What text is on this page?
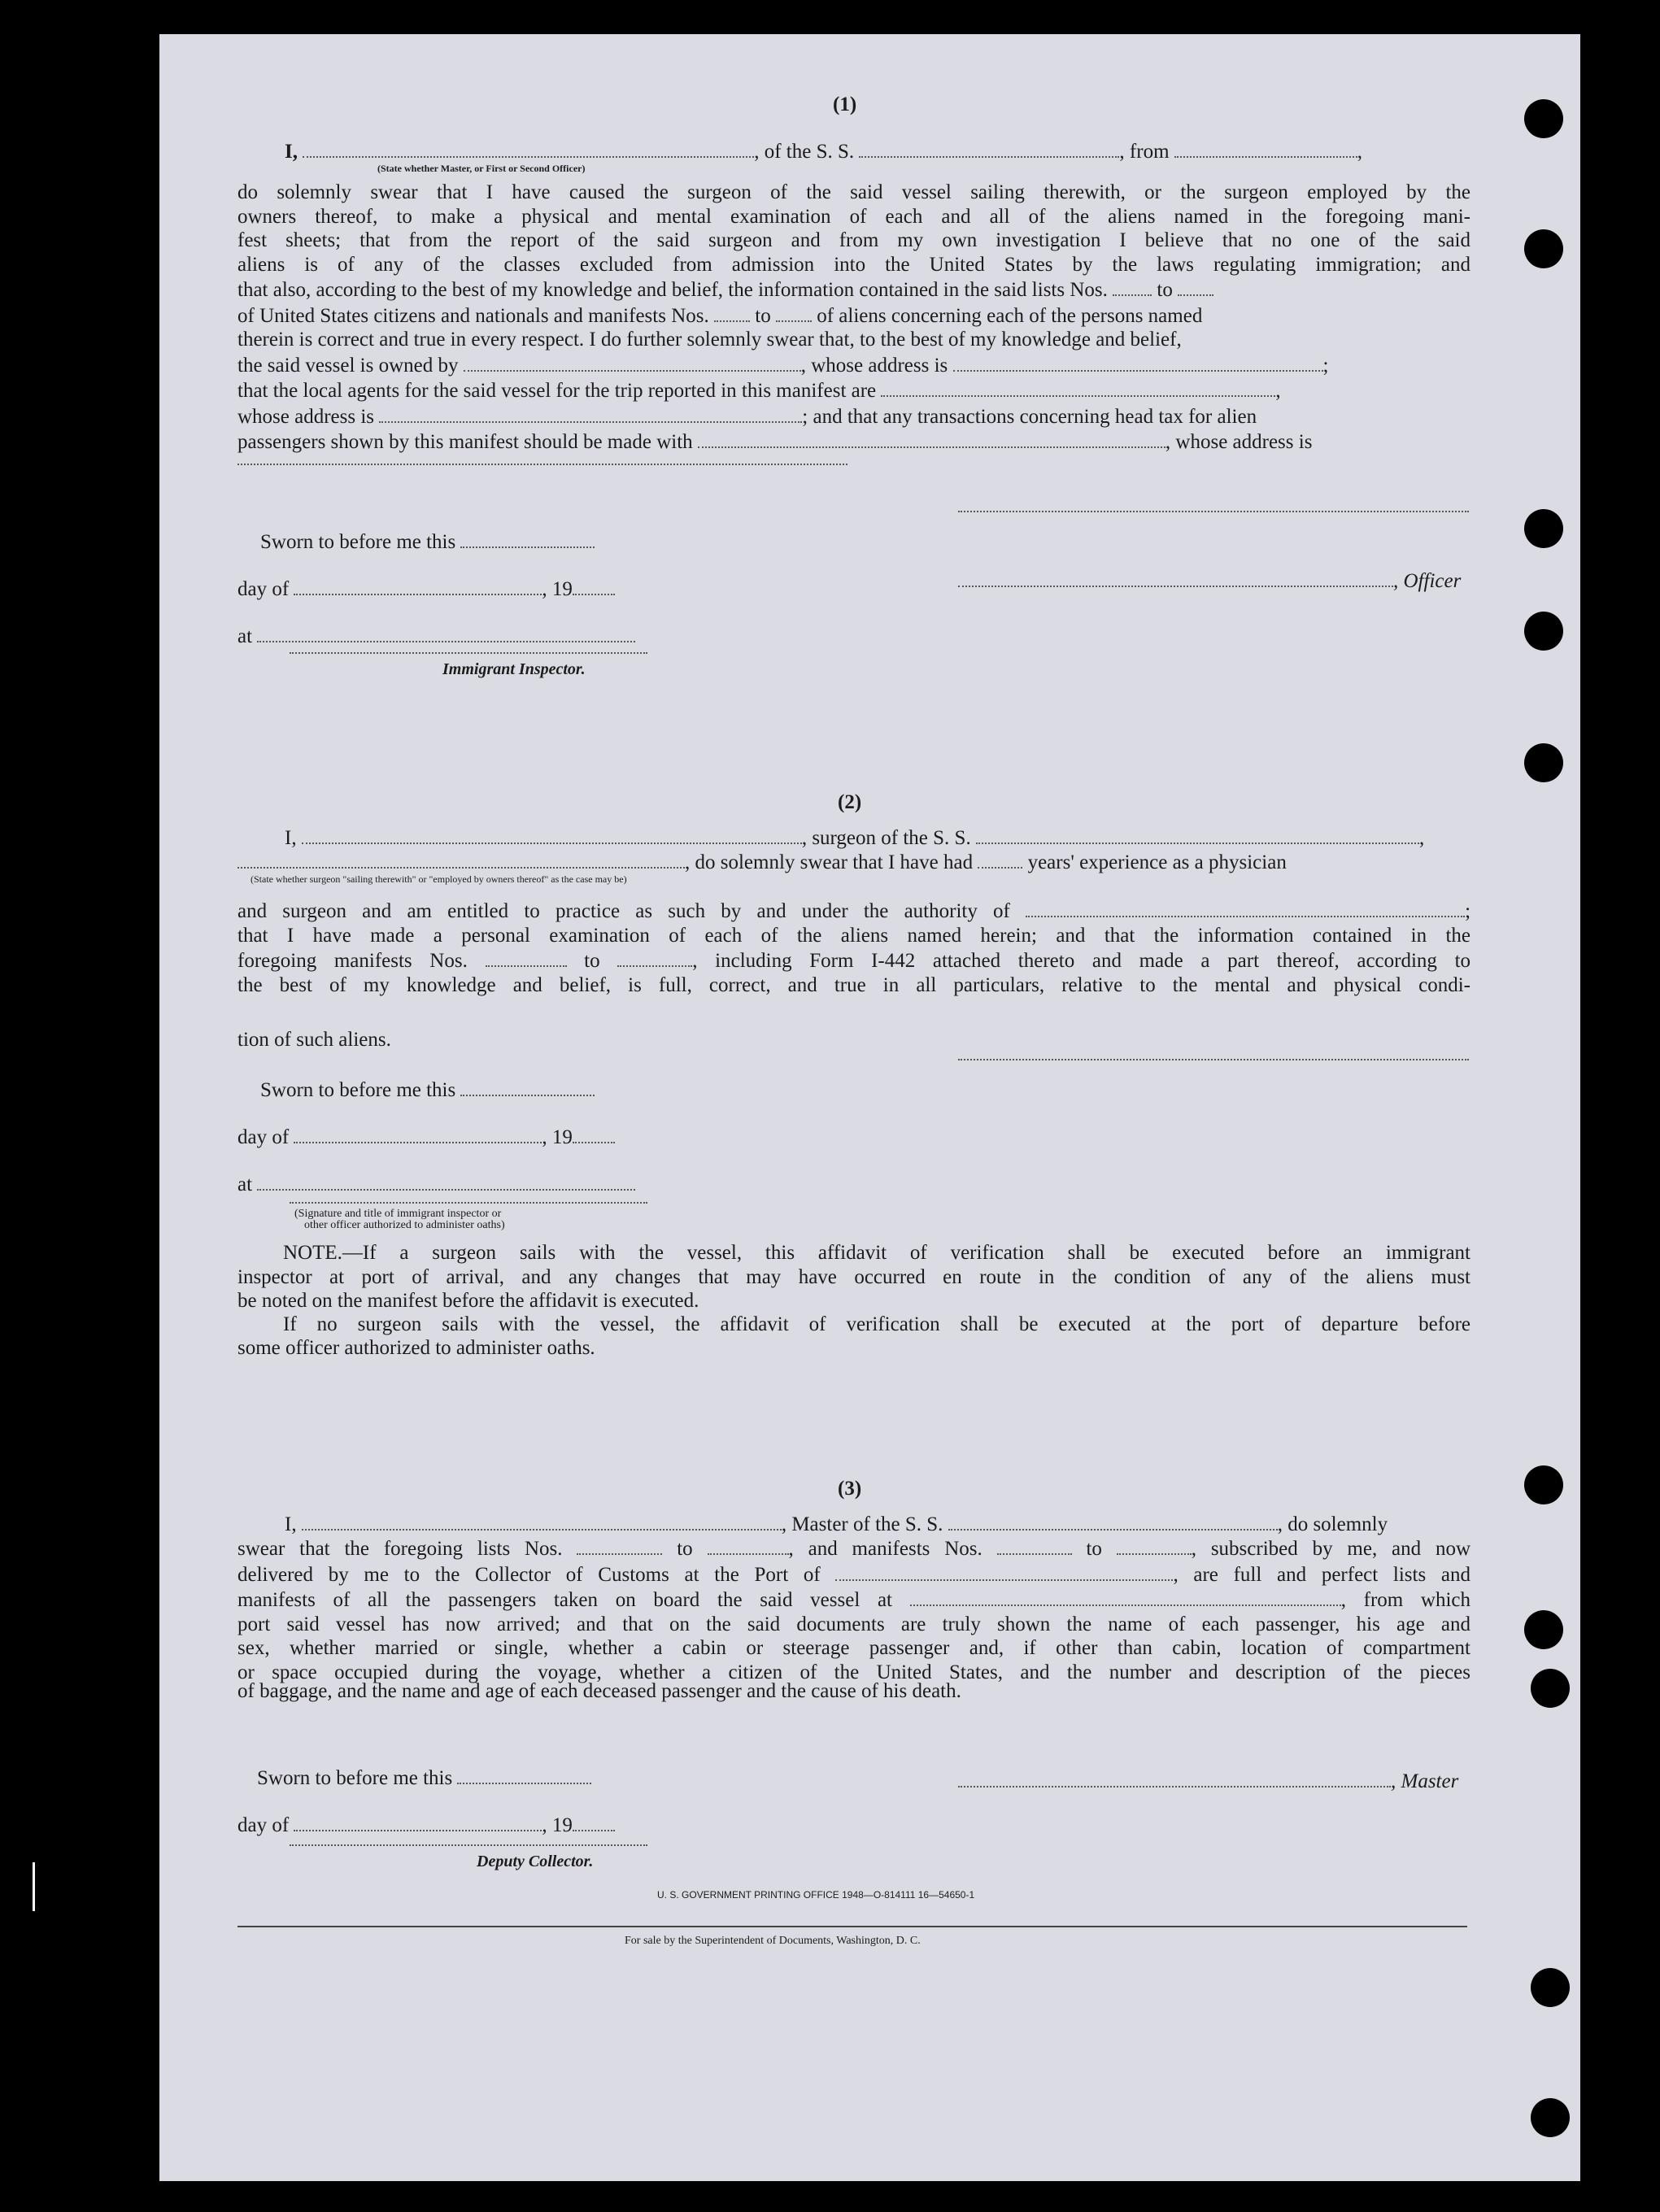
(1)
I,	, of the S. S.	, from	,
(State whether Master, or First or Second Officer)
do solemnly swear that I have caused the surgeon of the said vessel sailing therewith, or the surgeon employed by the
owners thereof, to make a physical and mental examination of each and all of the aliens named in the foregoing mani-
fest sheets; that from the report of the said surgeon and from my own investigation I believe that no one of the said
aliens is of any of the classes excluded from admission into the United States by the laws regulating immigration; and
that also, according to the best of my knowledge and belief, the information contained in the said lists Nos. to
of United States citizens and nationals and manifests Nos. to of aliens concerning each of the persons named
therein is correct and true in every respect. I do further solemnly swear that, to the best of my knowledge and belief,
the said vessel is owned by	, whose address is	;
that the local agents for the said vessel for the trip reported in this manifest are	,
whose address is	; and that any transactions concerning head tax for alien
passengers shown by this manifest should be made with	, whose address is
Sworn to before me this
day of	, 19
at
Immigrant Inspector.
, Officer
(2)
I,	, surgeon of the S. S.	,
, do solemnly swear that I have had	years' experience as a physician
(State whether surgeon "sailing therewith" or "employed by owners thereof" as the case may be)
and surgeon and am entitled to practice as such by and under the authority of	;
that I have made a personal examination of each of the aliens named herein; and that the information contained in the
foregoing manifests Nos.	to	, including Form I-442 attached thereto and made a part thereof, according to
the best of my knowledge and belief, is full, correct, and true in all particulars, relative to the mental and physical condi-
tion of such aliens.
Sworn to before me this
day of	, 19
at
(Signature and title of immigrant inspector or
other officer authorized to administer oaths)
NOTE.—If a surgeon sails with the vessel, this affidavit of verification shall be executed before an immigrant
inspector at port of arrival, and any changes that may have occurred en route in the condition of any of the aliens must
be noted on the manifest before the affidavit is executed.
If no surgeon sails with the vessel, the affidavit of verification shall be executed at the port of departure before
some officer authorized to administer oaths.
(3)
I,	, Master of the S. S.	, do solemnly
swear that the foregoing lists Nos.	to	, and manifests Nos.	to	, subscribed by me, and now
delivered by me to the Collector of Customs at the Port of	, are full and perfect lists and
manifests of all the passengers taken on board the said vessel at	, from which
port said vessel has now arrived; and that on the said documents are truly shown the name of each passenger, his age and
sex, whether married or single, whether a cabin or steerage passenger and, if other than cabin, location of compartment
or space occupied during the voyage, whether a citizen of the United States, and the number and description of the pieces
of baggage, and the name and age of each deceased passenger and the cause of his death.
Sworn to before me this
day of	, 19
Deputy Collector.
, Master
U. S. GOVERNMENT PRINTING OFFICE 1948—O-814111 16—54650-1
For sale by the Superintendent of Documents, Washington, D. C.
